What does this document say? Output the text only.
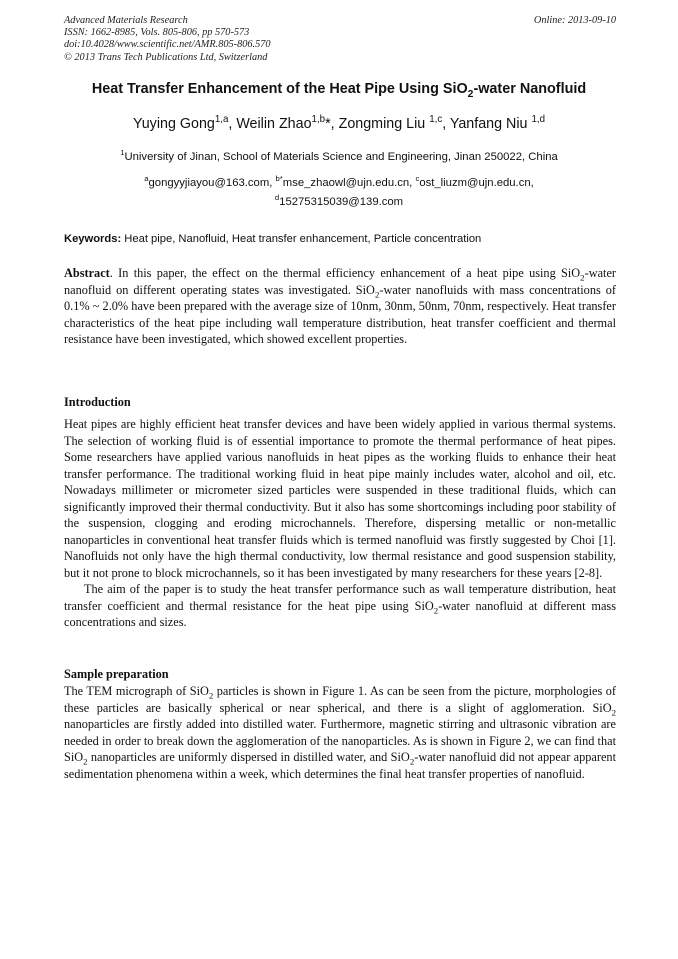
Advanced Materials Research
ISSN: 1662-8985, Vols. 805-806, pp 570-573
doi:10.4028/www.scientific.net/AMR.805-806.570
© 2013 Trans Tech Publications Ltd, Switzerland
Online: 2013-09-10
Heat Transfer Enhancement of the Heat Pipe Using SiO$_2$-water Nanofluid
Yuying Gong$^{1,a}$, Weilin Zhao$^{1,b}$*, Zongming Liu $^{1,c}$, Yanfang Niu $^{1,d}$
$^1$University of Jinan, School of Materials Science and Engineering, Jinan 250022, China
$^a$gongyyjiayou@163.com, $^{b*}$mse_zhaowl@ujn.edu.cn, $^c$ost_liuzm@ujn.edu.cn,
$^d$15275315039@139.com
Keywords: Heat pipe, Nanofluid, Heat transfer enhancement, Particle concentration
Abstract. In this paper, the effect on the thermal efficiency enhancement of a heat pipe using SiO$_2$-water nanofluid on different operating states was investigated. SiO$_2$-water nanofluids with mass concentrations of 0.1% ~ 2.0% have been prepared with the average size of 10nm, 30nm, 50nm, 70nm, respectively. Heat transfer characteristics of the heat pipe including wall temperature distribution, heat transfer coefficient and thermal resistance have been investigated, which showed excellent properties.
Introduction

Heat pipes are highly efficient heat transfer devices and have been widely applied in various thermal systems. The selection of working fluid is of essential importance to promote the thermal performance of heat pipes. Some researchers have applied various nanofluids in heat pipes as the working fluids to enhance their heat transfer performance. The traditional working fluid in heat pipe mainly includes water, alcohol and oil, etc. Nowadays millimeter or micrometer sized particles were suspended in these traditional fluids, which can significantly improved their thermal conductivity. But it also has some shortcomings including poor stability of the suspension, clogging and eroding microchannels. Therefore, dispersing metallic or non-metallic nanoparticles in conventional heat transfer fluids which is termed nanofluid was firstly suggested by Choi [1]. Nanofluids not only have the high thermal conductivity, low thermal resistance and good suspension stability, but it not prone to block microchannels, so it has been investigated by many researchers for these years [2-8].

The aim of the paper is to study the heat transfer performance such as wall temperature distribution, heat transfer coefficient and thermal resistance for the heat pipe using SiO$_2$-water nanofluid at different mass concentrations and sizes.

Sample preparation
The TEM micrograph of SiO$_2$ particles is shown in Figure 1. As can be seen from the picture, morphologies of these particles are basically spherical or near spherical, and there is a slight of agglomeration. SiO$_2$ nanoparticles are firstly added into distilled water. Furthermore, magnetic stirring and ultrasonic vibration are needed in order to break down the agglomeration of the nanoparticles. As is shown in Figure 2, we can find that SiO$_2$ nanoparticles are uniformly dispersed in distilled water, and SiO$_2$-water nanofluid did not appear apparent sedimentation phenomena within a week, which determines the final heat transfer properties of nanofluid.
